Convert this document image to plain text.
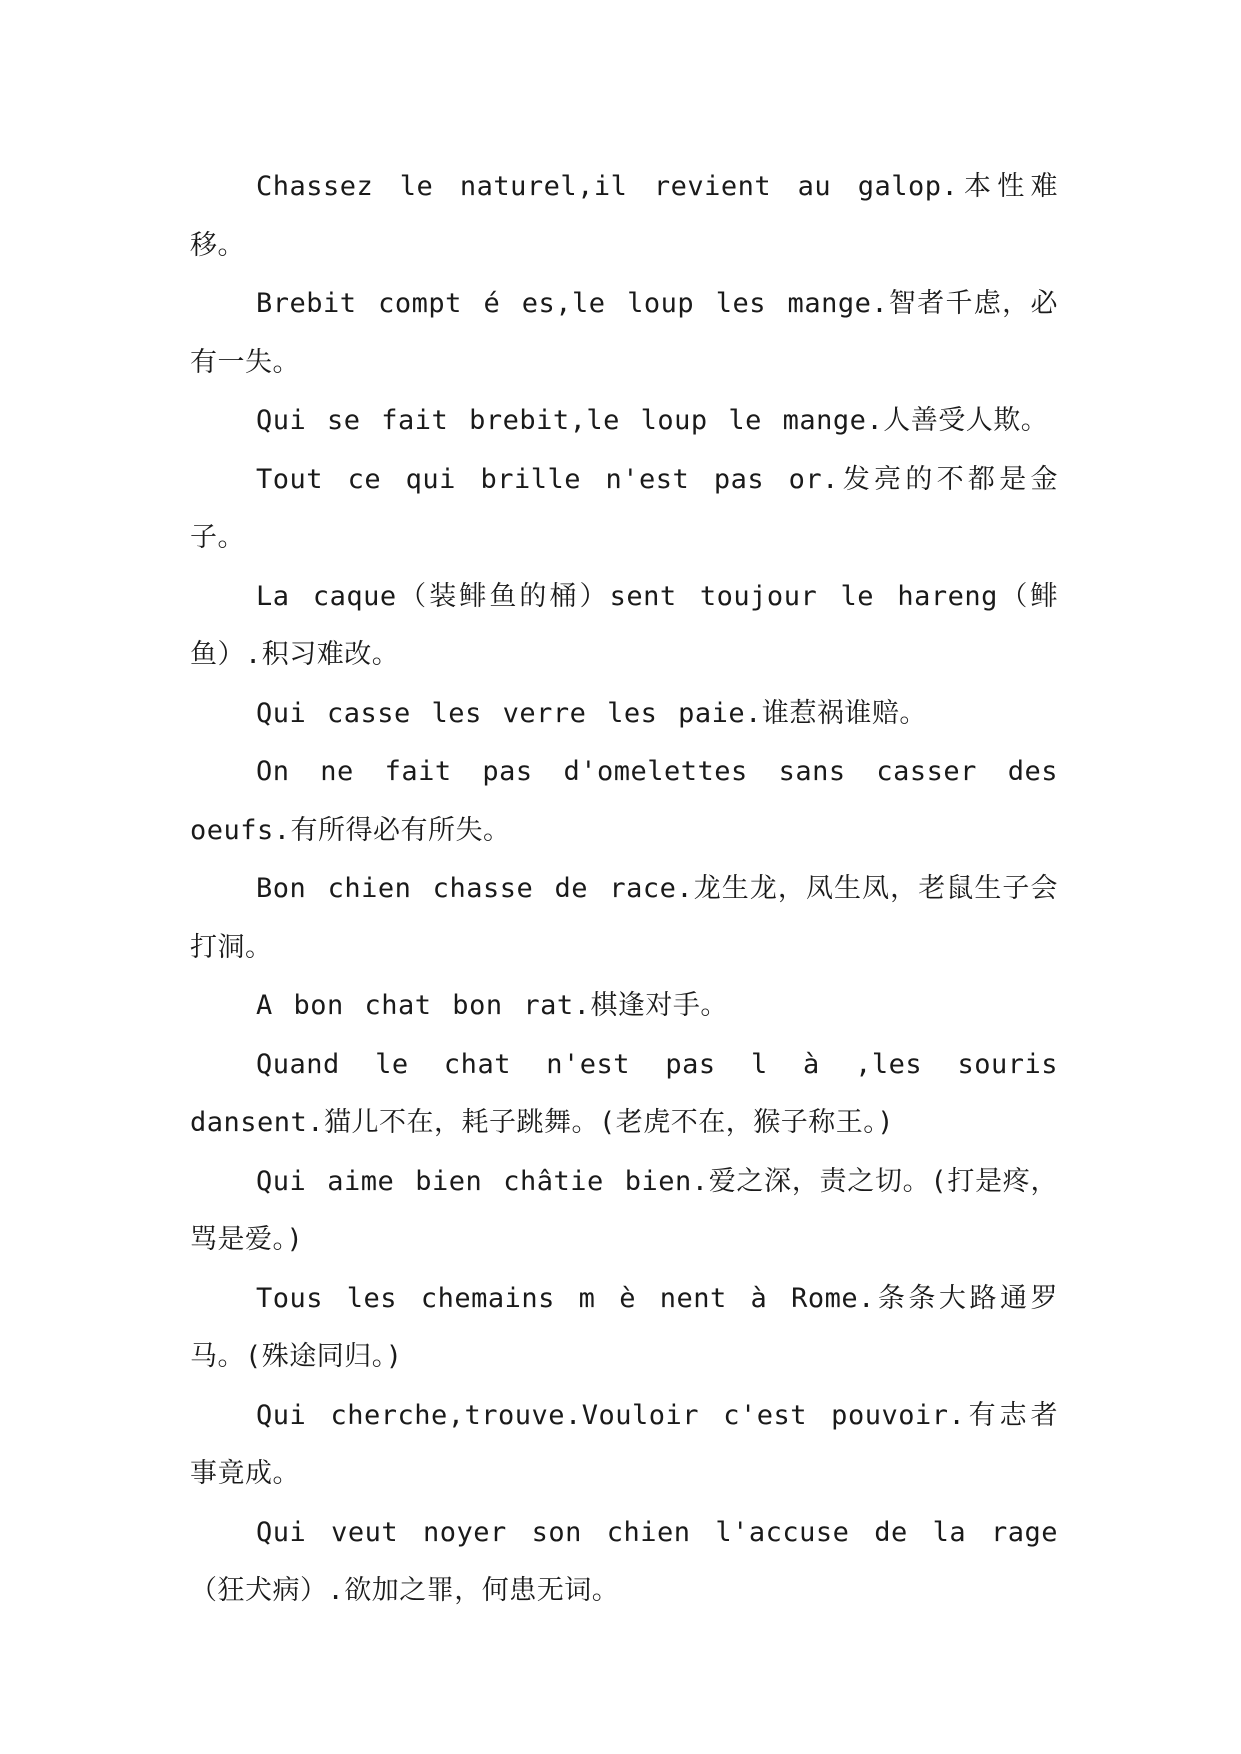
Chassez le naturel,il revient au galop.本性难移。

Brebit compt é es,le loup les mange.智者千虑，必有一失。

Qui se fait brebit,le loup le mange.人善受人欺。

Tout ce qui brille n'est pas or.发亮的不都是金子。

La caque（装鲱鱼的桶）sent toujour le hareng（鲱鱼）.积习难改。

Qui casse les verre les paie.谁惹祸谁赔。

On ne fait pas d'omelettes sans casser des oeufs.有所得必有所失。

Bon chien chasse de race.龙生龙，凤生凤，老鼠生子会打洞。

A bon chat bon rat.棋逢对手。

Quand le chat n'est pas l à ,les souris dansent.猫儿不在，耗子跳舞。(老虎不在，猴子称王。)

Qui aime bien châtie bien.爱之深，责之切。(打是疼，骂是爱。)

Tous les chemains m è nent à Rome.条条大路通罗马。(殊途同归。)

Qui cherche,trouve.Vouloir c'est pouvoir.有志者事竟成。

Qui veut noyer son chien l'accuse de la rage（狂犬病）.欲加之罪，何患无词。
